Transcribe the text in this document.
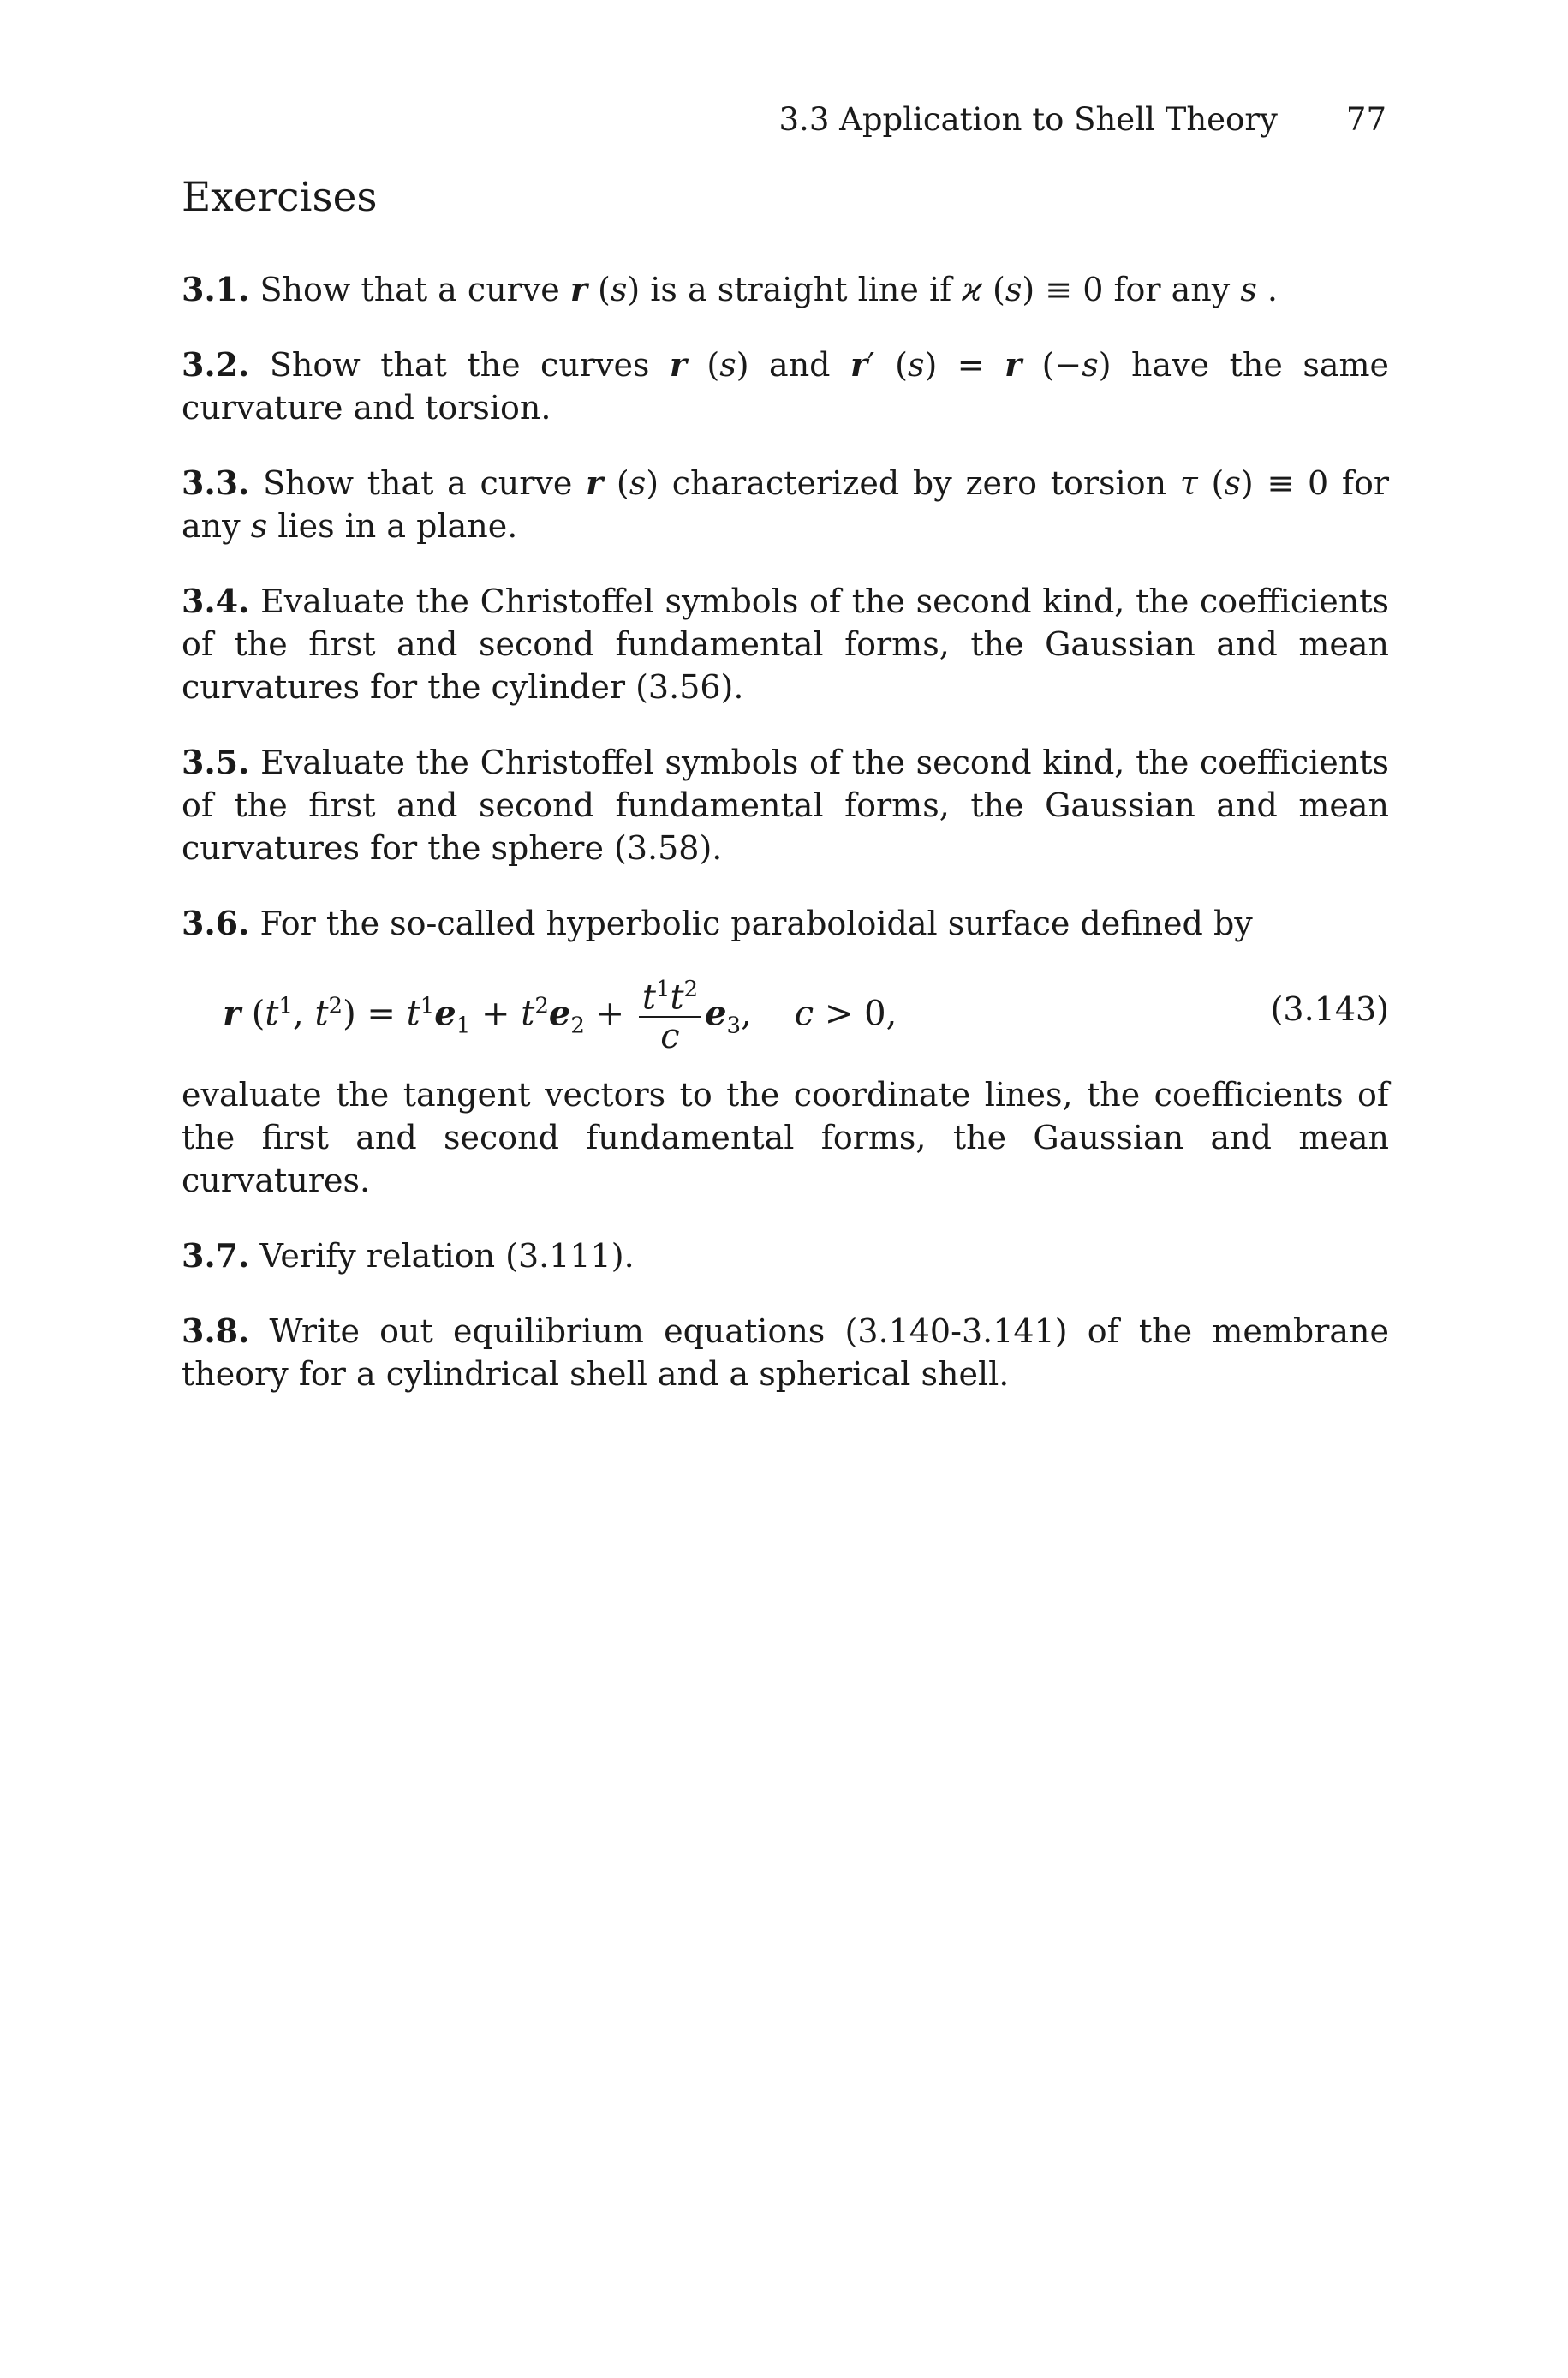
3.3 Application to Shell Theory 77
Exercises

3.1. Show that a curve r (s) is a straight line if ϰ (s) ≡ 0 for any s .

3.2. Show that the curves r (s) and r′ (s) = r (−s) have the same curvature and torsion.

3.3. Show that a curve r (s) characterized by zero torsion τ (s) ≡ 0 for any s lies in a plane.

3.4. Evaluate the Christoffel symbols of the second kind, the coefficients of the first and second fundamental forms, the Gaussian and mean curvatures for the cylinder (3.56).

3.5. Evaluate the Christoffel symbols of the second kind, the coefficients of the first and second fundamental forms, the Gaussian and mean curvatures for the sphere (3.58).

3.6. For the so-called hyperbolic paraboloidal surface defined by

r ($t^1$, $t^2) = t^1e_1 + t^2e_2 + \frac{t^1t^2}{c} e_3$, c > 0,	(3.143)

evaluate the tangent vectors to the coordinate lines, the coefficients of the first and second fundamental forms, the Gaussian and mean curvatures.

3.7. Verify relation (3.111).

3.8. Write out equilibrium equations (3.140-3.141) of the membrane theory for a cylindrical shell and a spherical shell.
